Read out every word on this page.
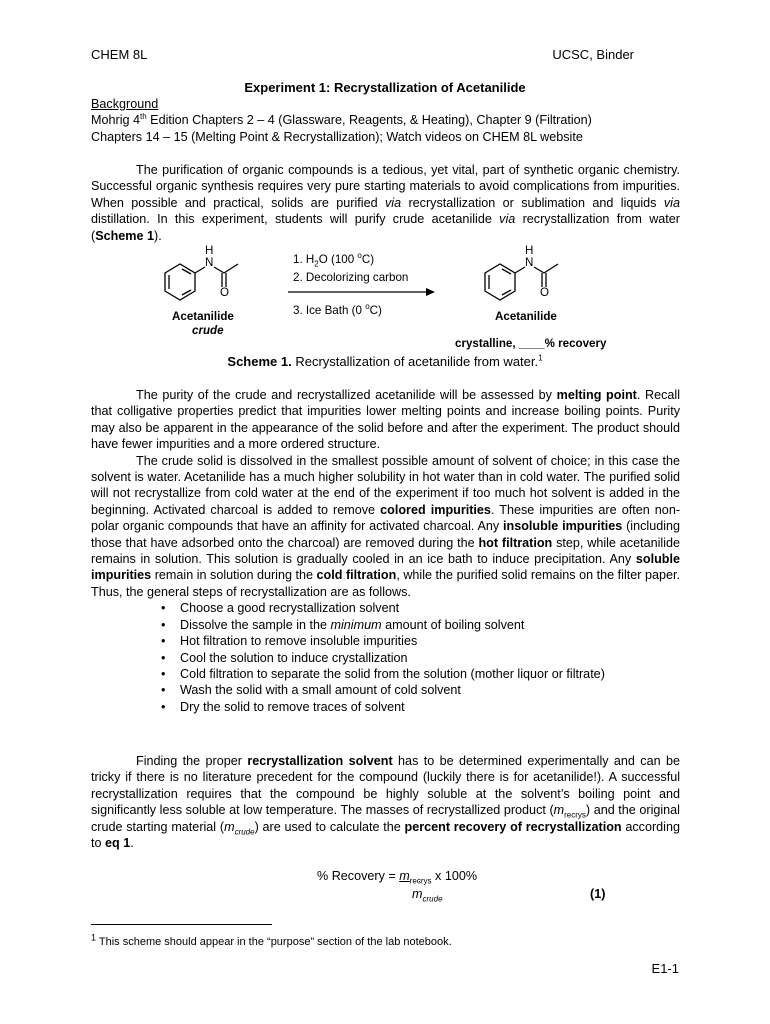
CHEM 8L	UCSC, Binder
Experiment 1: Recrystallization of Acetanilide

Background

Mohrig 4th Edition Chapters 2 – 4 (Glassware, Reagents, & Heating), Chapter 9 (Filtration)

Chapters 14 – 15 (Melting Point & Recrystallization); Watch videos on CHEM 8L website

The purification of organic compounds is a tedious, yet vital, part of synthetic organic chemistry. Successful organic synthesis requires very pure starting materials to avoid complications from impurities. When possible and practical, solids are purified via recrystallization or sublimation and liquids via distillation. In this experiment, students will purify crude acetanilide via recrystallization from water (Scheme 1).

H
N
O
H
N
O
1. $H_2O$ (100 $^o$C)
2. Decolorizing carbon
3. Ice Bath (0 $^o$C)
Acetanilide
crude
Acetanilide
crystalline, ____% recovery
Scheme 1. Recrystallization of acetanilide from water.$^1$

The purity of the crude and recrystallized acetanilide will be assessed by melting point. Recall that colligative properties predict that impurities lower melting points and increase boiling points. Purity may also be apparent in the appearance of the solid before and after the experiment. The product should have fewer impurities and a more ordered structure.

The crude solid is dissolved in the smallest possible amount of solvent of choice; in this case the solvent is water. Acetanilide has a much higher solubility in hot water than in cold water. The purified solid will not recrystallize from cold water at the end of the experiment if too much hot solvent is added in the beginning. Activated charcoal is added to remove colored impurities. These impurities are often non-polar organic compounds that have an affinity for activated charcoal. Any insoluble impurities (including those that have adsorbed onto the charcoal) are removed during the hot filtration step, while acetanilide remains in solution. This solution is gradually cooled in an ice bath to induce precipitation. Any soluble impurities remain in solution during the cold filtration, while the purified solid remains on the filter paper. Thus, the general steps of recrystallization are as follows.

• Choose a good recrystallization solvent
• Dissolve the sample in the minimum amount of boiling solvent
• Hot filtration to remove insoluble impurities
• Cool the solution to induce crystallization
• Cold filtration to separate the solid from the solution (mother liquor or filtrate)
• Wash the solid with a small amount of cold solvent
• Dry the solid to remove traces of solvent

Finding the proper recrystallization solvent has to be determined experimentally and can be tricky if there is no literature precedent for the compound (luckily there is for acetanilide!). A successful recrystallization requires that the compound be highly soluble at the solvent’s boiling point and significantly less soluble at low temperature. The masses of recrystallized product $(m_{recrys})$ and the original crude starting material $(m_{crude})$ are used to calculate the percent recovery of recrystallization according to eq 1.

% Recovery = $m_{recrys}$ x 100%
$m_{crude}$	(1)
$^1$ This scheme should appear in the “purpose” section of the lab notebook.
E1-1
